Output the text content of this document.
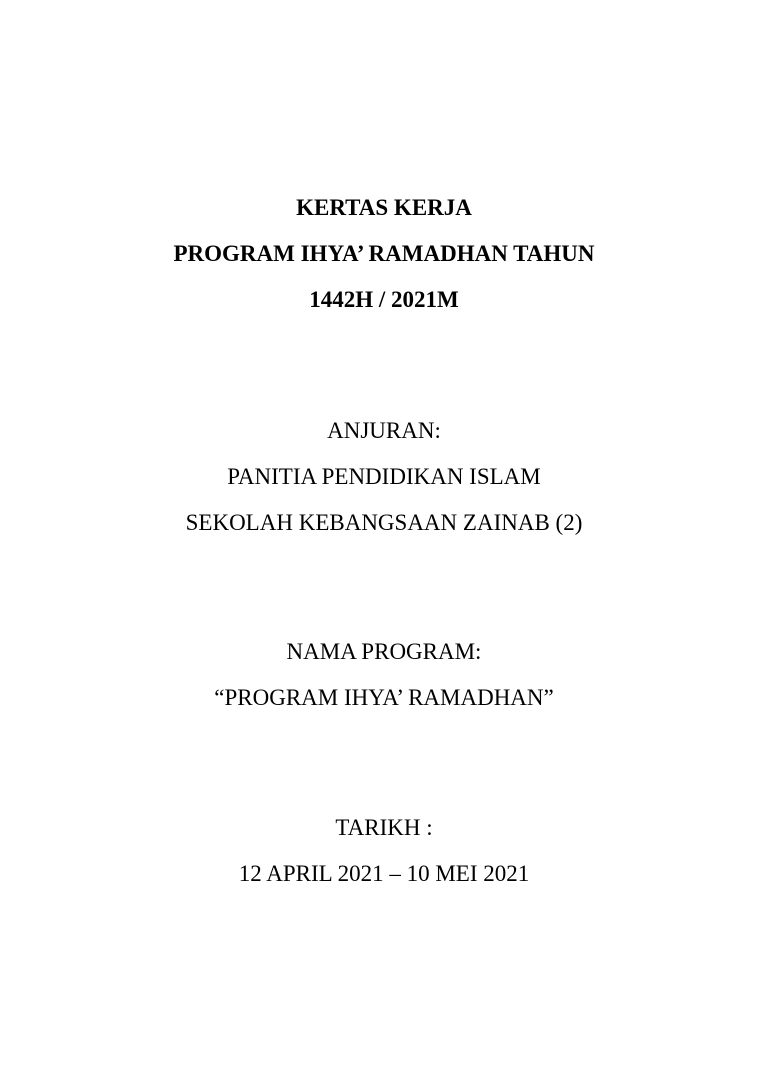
KERTAS KERJA

PROGRAM IHYA’ RAMADHAN TAHUN

1442H / 2021M

ANJURAN:

PANITIA PENDIDIKAN ISLAM

SEKOLAH KEBANGSAAN ZAINAB (2)

NAMA PROGRAM:

“PROGRAM IHYA’ RAMADHAN”

TARIKH :

12 APRIL 2021 – 10 MEI 2021
